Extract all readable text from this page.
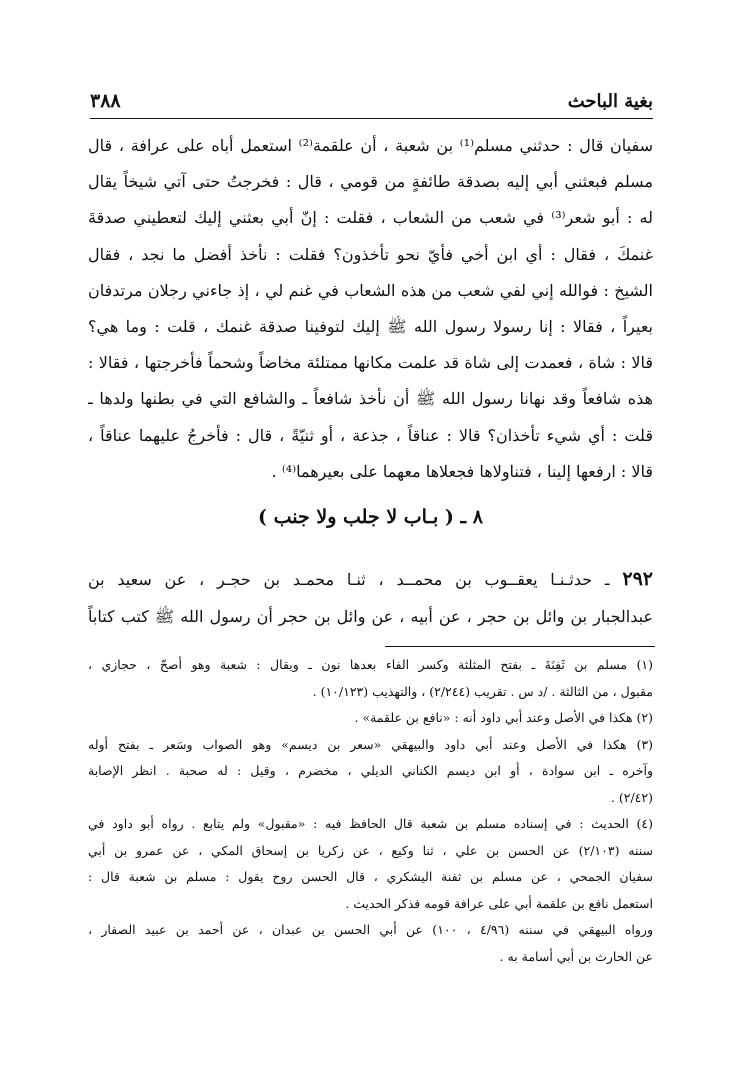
بغية الباحث
٣٨٨
سفيان قال : حدثني مسلم⁽¹⁾ بن شعبة ، أن علقمة⁽²⁾ استعمل أباه على عرافة ، قال
مسلم فبعثني أبي إليه بصدقة طائفةٍ من قومي ، قال : فخرجتُ حتى آتي شيخاً يقال
له : أبو شعر⁽³⁾ في شعب من الشعاب ، فقلت : إنّ أبي بعثني إليك لتعطيني صدقةَ
غنمكَ ، فقال : أي ابن أخي فأيّ نحو تأخذون؟ فقلت : نأخذ أفضل ما نجد ، فقال
الشيخ : فوالله إني لفي شعب من هذه الشعاب في غنم لي ، إذ جاءني رجلان مرتدفان
بعيراً ، فقالا : إنا رسولا رسول الله ﷺ إليك لتوفينا صدقة غنمك ، قلت : وما هي؟
قالا : شاة ، فعمدت إلى شاة قد علمت مكانها ممتلئة مخاضاً وشحماً فأخرجتها ، فقالا :
هذه شافعاً وقد نهانا رسول الله ﷺ أن نأخذ شافعاً ـ والشافع التي في بطنها ولدها ـ
قلت : أي شيء تأخذان؟ قالا : عناقاً ، جذعة ، أو ثنيّةً ، قال : فأخرجُ عليهما عناقاً ،
قالا : ارفعها إلينا ، فتناولاها فجعلاها معهما على بعيرهما⁽⁴⁾ .
٨ ـ ( بـاب لا جلب ولا جنب )
٢٩٢ ـ حدثـنـا يعقــوب بن محمــد ، ثنـا محمـد بن حجـر ، عن سعيد بن
عبدالجبار بن وائل بن حجر ، عن أبيه ، عن وائل بن حجر أن رسول الله ﷺ كتب كتاباً
(١) مسلم بن ثَفِنَةَ ـ بفتح المثلثة وكسر الفاء بعدها نون ـ ويقال : شعبة وهو أصحّ ، حجازي ،
مقبول ، من الثالثة . /د س . تقريب (٢/٢٤٤) ، والتهذيب (١٠/١٢٣) .
(٢) هكذا في الأصل وعند أبي داود أنه : «نافع بن علقمة» .
(٣) هكذا في الأصل وعند أبي داود والبيهقي «سعر بن ديسم» وهو الصواب وسَعر ـ بفتح أوله
وآخره ـ ابن سوادة ، أو ابن ديسم الكناني الديلي ، مخضرم ، وقيل : له صحبة . انظر الإصابة
(٢/٤٢) .
(٤) الحديث : في إسناده مسلم بن شعبة قال الحافظ فيه : «مقبول» ولم يتابع . رواه أبو داود في
سننه (٢/١٠٣) عن الحسن بن علي ، ثنا وكيع ، عن زكريا بن إسحاق المكي ، عن عمرو بن أبي
سفيان الجمحي ، عن مسلم بن ثفنة اليشكري ، قال الحسن روح يقول : مسلم بن شعبة قال :
استعمل نافع بن علقمة أبي على عرافة قومه فذكر الحديث .
ورواه البيهقي في سننه (٤/٩٦ ، ١٠٠) عن أبي الحسن بن عبدان ، عن أحمد بن عبيد الصفار ،
عن الحارث بن أبي أسامة به .
